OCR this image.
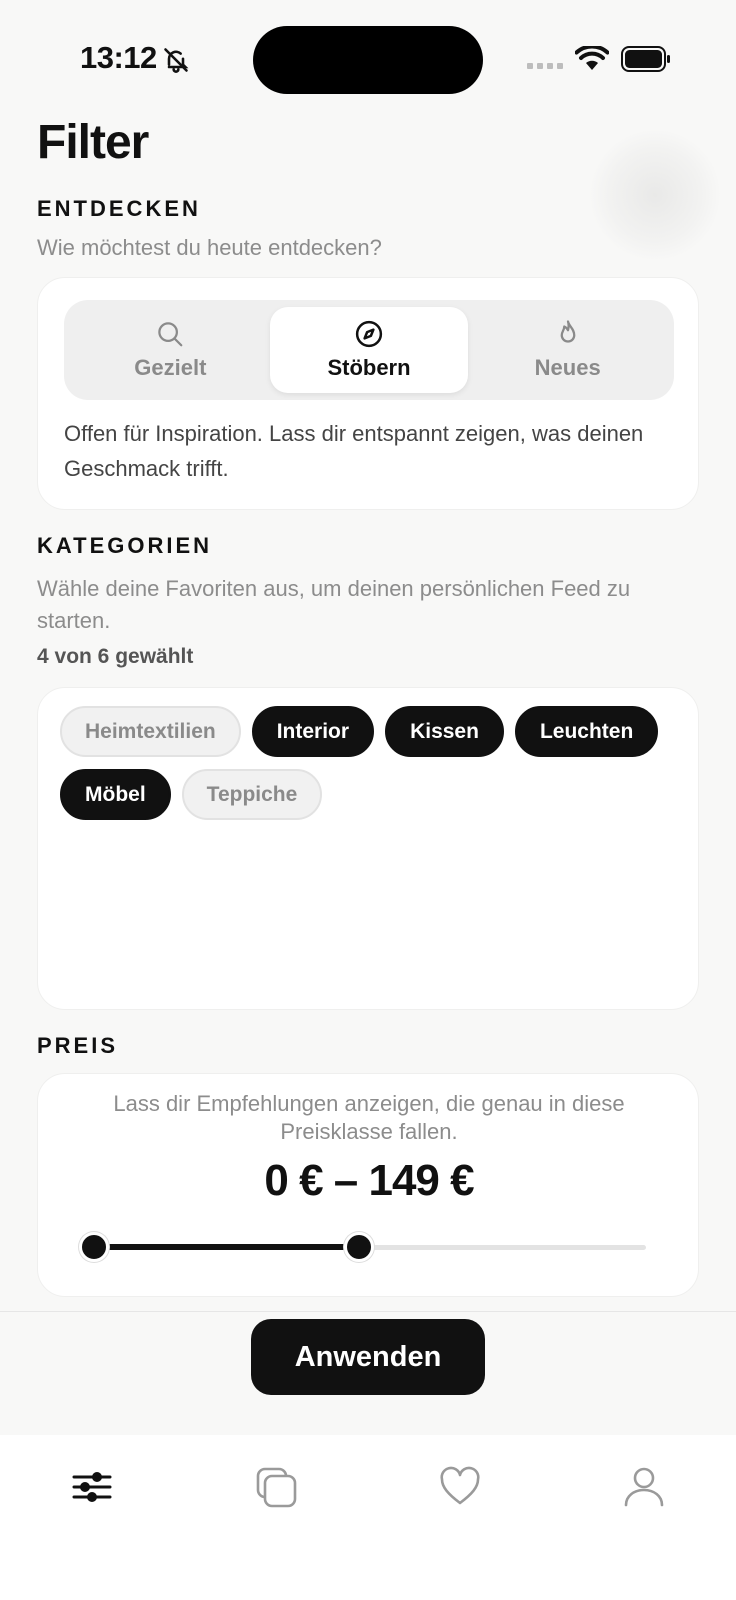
13:12
Filter
ENTDECKEN
Wie möchtest du heute entdecken?
Gezielt	Stöbern	Neues
Offen für Inspiration. Lass dir entspannt zeigen, was deinen Geschmack trifft.
KATEGORIEN
Wähle deine Favoriten aus, um deinen persönlichen Feed zu starten.
4 von 6 gewählt
Heimtextilien	Interior	Kissen	Leuchten
Möbel	Teppiche
PREIS
Lass dir Empfehlungen anzeigen, die genau in diese Preisklasse fallen.
0 € – 149 €
Anwenden
